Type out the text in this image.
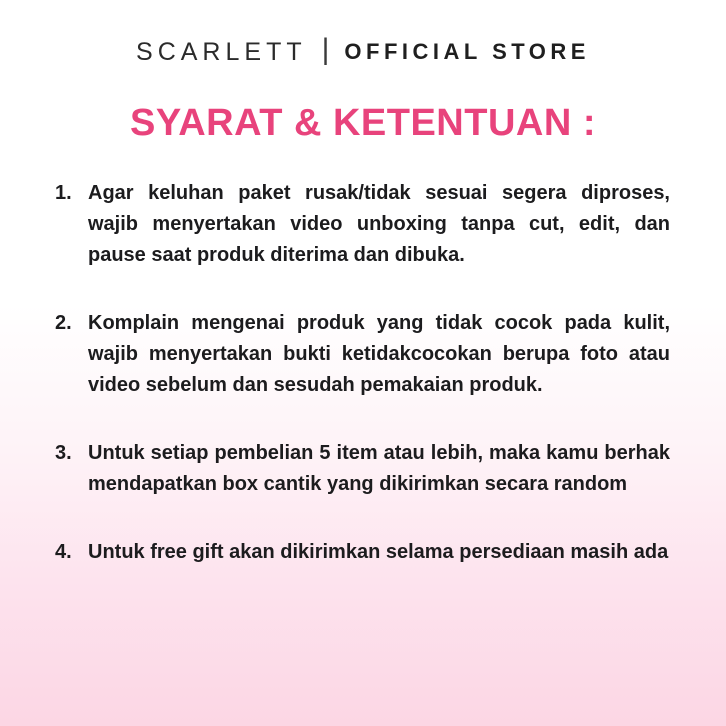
SCARLETT | OFFICIAL STORE
SYARAT & KETENTUAN :
1. Agar keluhan paket rusak/tidak sesuai segera diproses, wajib menyertakan video unboxing tanpa cut, edit, dan pause saat produk diterima dan dibuka.

2. Komplain mengenai produk yang tidak cocok pada kulit, wajib menyertakan bukti ketidakcocokan berupa foto atau video sebelum dan sesudah pemakaian produk.

3. Untuk setiap pembelian 5 item atau lebih, maka kamu berhak mendapatkan box cantik yang dikirimkan secara random

4. Untuk free gift akan dikirimkan selama persediaan masih ada
